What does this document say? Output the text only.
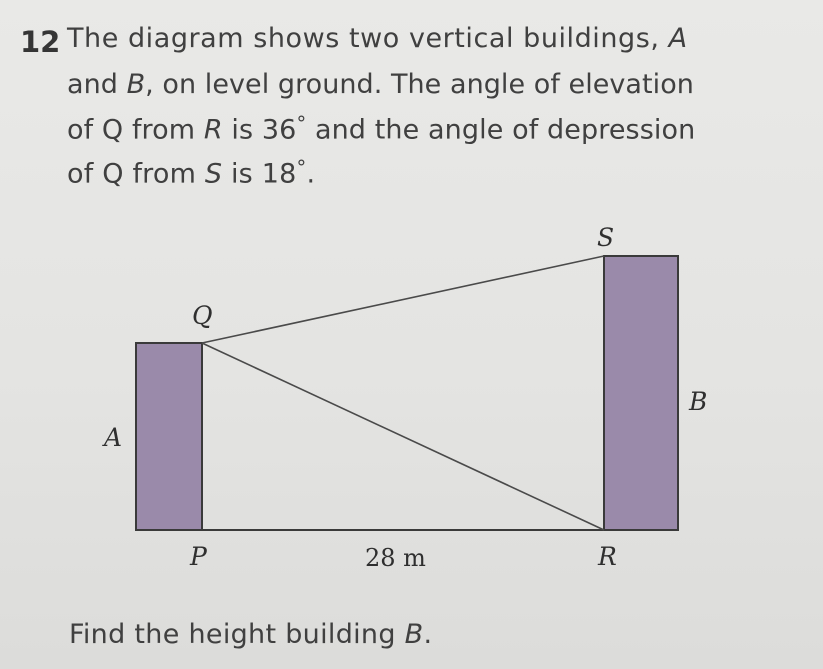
12 The diagram shows two vertical buildings, A
and B, on level ground. The angle of elevation
of Q from R is 36° and the angle of depression
of Q from S is 18°.
S
Q
A
B
P	R
28 m
Find the height building B.
